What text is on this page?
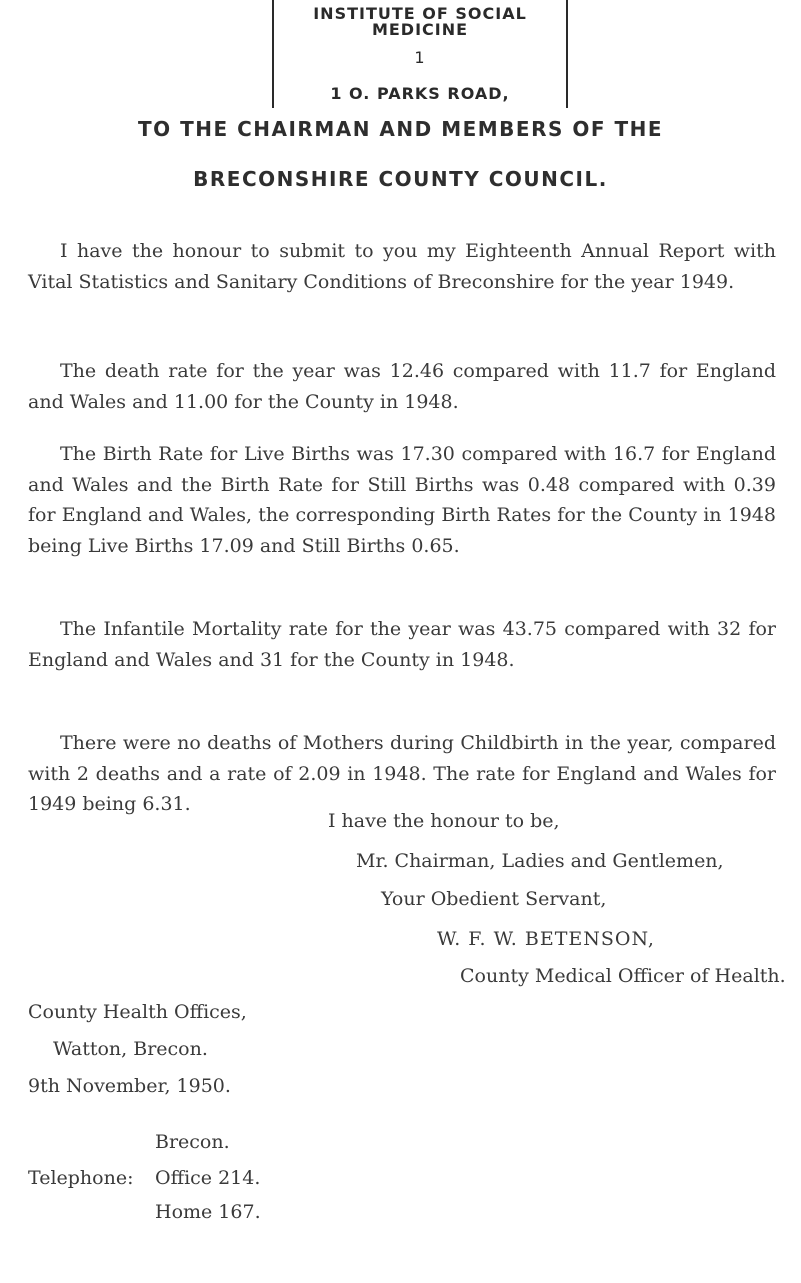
INSTITUTE OF SOCIAL
MEDICINE
1
1 O. PARKS ROAD,
TO THE CHAIRMAN AND MEMBERS OF THE
BRECONSHIRE COUNTY COUNCIL.

I have the honour to submit to you my Eighteenth Annual Report with Vital Statistics and Sanitary Conditions of Breconshire for the year 1949.

The death rate for the year was 12.46 compared with 11.7 for England and Wales and 11.00 for the County in 1948.

The Birth Rate for Live Births was 17.30 compared with 16.7 for England and Wales and the Birth Rate for Still Births was 0.48 compared with 0.39 for England and Wales, the corresponding Birth Rates for the County in 1948 being Live Births 17.09 and Still Births 0.65.

The Infantile Mortality rate for the year was 43.75 compared with 32 for England and Wales and 31 for the County in 1948.

There were no deaths of Mothers during Childbirth in the year, compared with 2 deaths and a rate of 2.09 in 1948. The rate for England and Wales for 1949 being 6.31.

I have the honour to be,
Mr. Chairman, Ladies and Gentlemen,
Your Obedient Servant,
W. F. W. BETENSON,
County Medical Officer of Health.
County Health Offices,
Watton, Brecon.
9th November, 1950.
Brecon.
Telephone: Office 214.
Home 167.
